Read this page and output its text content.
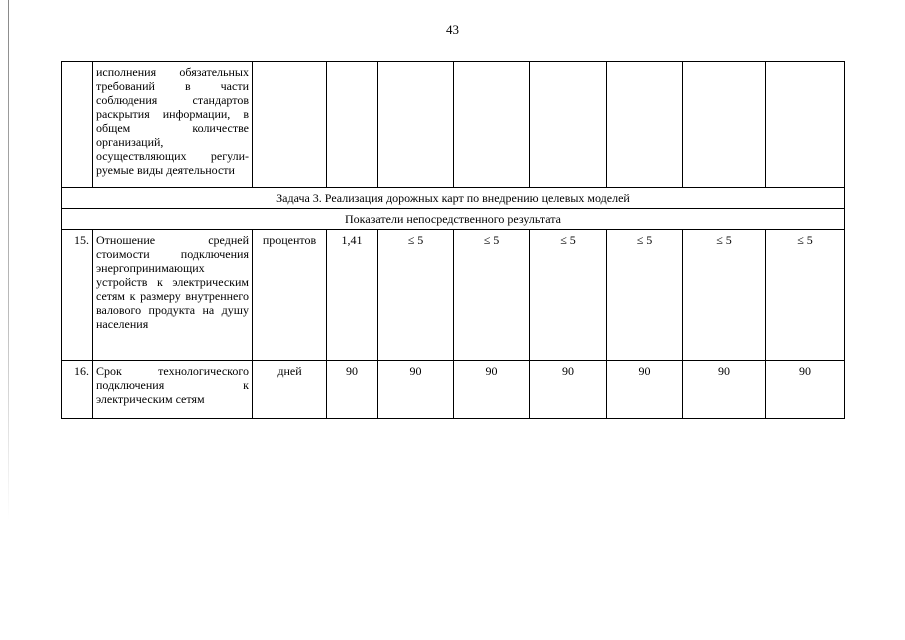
43
	исполнения обязательных требований в части соблюдения стандартов раскрытия информации, в общем количестве организаций, осуществляющих регули-руемые виды деятельности								
Задача 3. Реализация дорожных карт по внедрению целевых моделей									
Показатели непосредственного результата									
15.	Отношение средней стоимости подключения энергопринимающих устройств к электрическим сетям к размеру внутреннего валового продукта на душу населения	процентов	1,41	≤ 5	≤ 5	≤ 5	≤ 5	≤ 5	≤ 5
16.	Срок технологического подключения к электрическим сетям	дней	90	90	90	90	90	90	90
